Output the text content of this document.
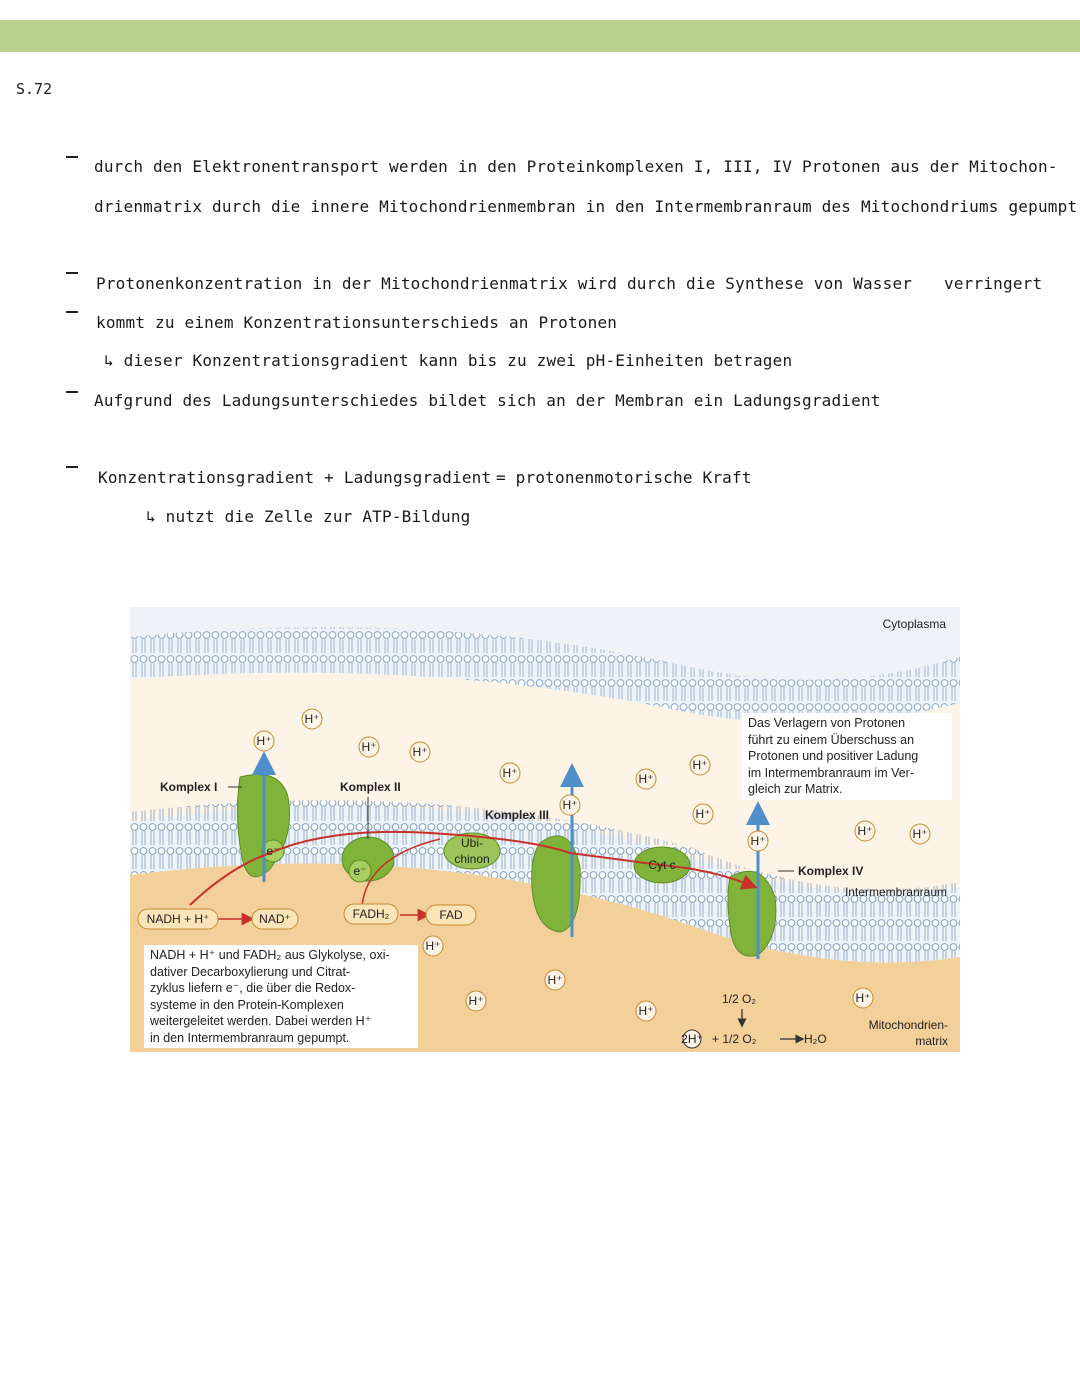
S.72
durch den Elektronentransport werden in den Proteinkomplexen I, III, IV Protonen aus der Mitochon-
drienmatrix durch die innere Mitochondrienmembran in den Intermembranraum des Mitochondriums gepumpt
Protonenkonzentration in der Mitochondrienmatrix wird durch die Synthese von Wasser verringert
kommt zu einem Konzentrationsunterschieds an Protonen
↳ dieser Konzentrationsgradient kann bis zu zwei pH-Einheiten betragen
Aufgrund des Ladungsunterschiedes bildet sich an der Membran ein Ladungsgradient
Konzentrationsgradient + Ladungsgradient = protonenmotorische Kraft
↳ nutzt die Zelle zur ATP-Bildung
NADH + H⁺	NAD⁺	FADH₂	FAD
Komplex I	Komplex II
Komplex III
Komplex IV
Ubi-
chinon	Cyt c
e⁻
e⁻
Cytoplasma
Intermembranraum
Mitochondrien-
matrix
1/2 O₂
2H⁺ + 1/2 O₂	H₂O
H⁺
H⁺	H⁺	H⁺
H⁺
H⁺
H⁺
H⁺
H⁺
H⁺
H⁺	H⁺
H⁺
H⁺
H⁺
H⁺
H⁺
Das Verlagern von Protonen
führt zu einem Überschuss an
Protonen und positiver Ladung
im Intermembranraum im Ver-
gleich zur Matrix.
NADH + H⁺ und FADH₂ aus Glykolyse, oxi-
dativer Decarboxylierung und Citrat-
zyklus liefern e⁻, die über die Redox-
systeme in den Protein-Komplexen
weitergeleitet werden. Dabei werden H⁺
in den Intermembranraum gepumpt.
